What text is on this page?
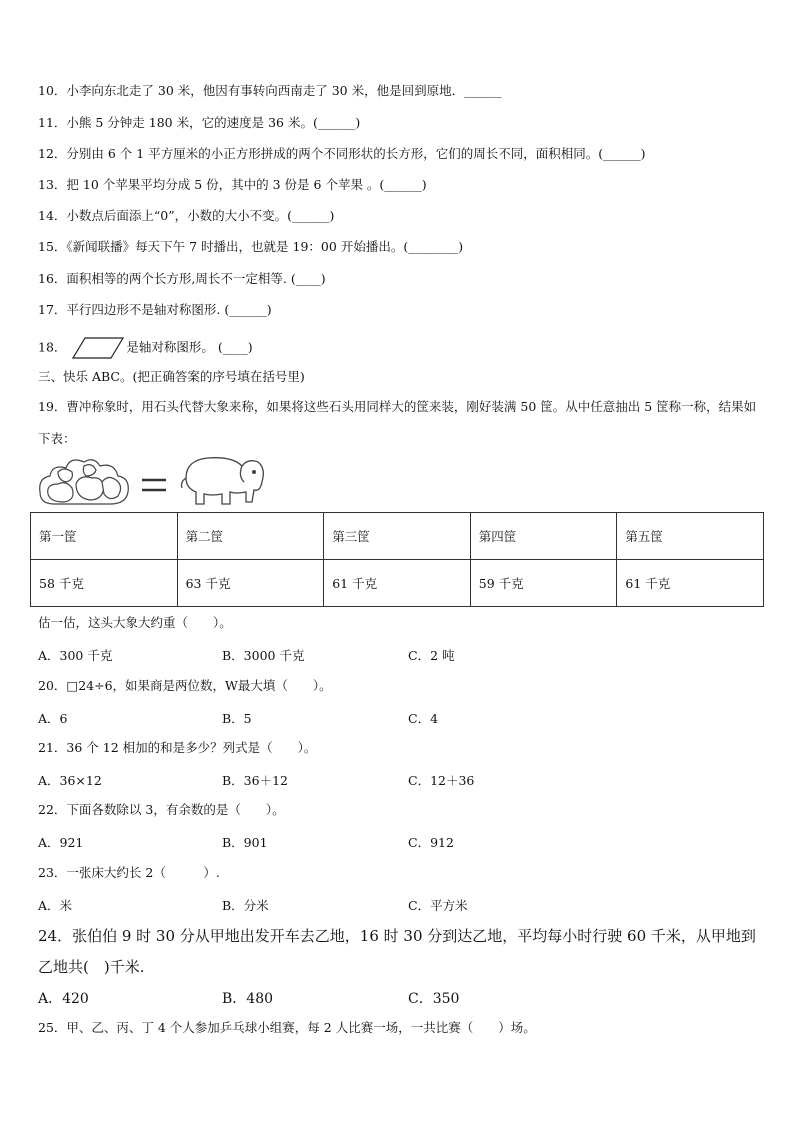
10．小李向东北走了 30 米，他因有事转向西南走了 30 米，他是回到原地．______
11．小熊 5 分钟走 180 米，它的速度是 36 米。(______)
12．分别由 6 个 1 平方厘米的小正方形拼成的两个不同形状的长方形，它们的周长不同，面积相同。(______)
13．把 10 个苹果平均分成 5 份，其中的 3 份是 6 个苹果 。(______)
14．小数点后面添上“0”，小数的大小不变。(______)
15．《新闻联播》每天下午 7 时播出，也就是 19：00 开始播出。(________)
16．面积相等的两个长方形,周长不一定相等. (____)
17．平行四边形不是轴对称图形. (______)
18．	是轴对称图形。 (____)
三、快乐 ABC。(把正确答案的序号填在括号里)
19．曹冲称象时，用石头代替大象来称，如果将这些石头用同样大的筐来装，刚好装满 50 筐。从中任意抽出 5 筐称一称，结果如下表：
第一筐	第二筐	第三筐	第四筐	第五筐
58 千克	63 千克	61 千克	59 千克	61 千克
估一估，这头大象大约重（　　）。
A．300 千克	B．3000 千克	C．2 吨
20．□24÷6，如果商是两位数，W最大填（　　）。
A．6	B．5	C．4
21．36 个 12 相加的和是多少？列式是（　　）。
A．36×12	B．36＋12	C．12＋36
22．下面各数除以 3，有余数的是（　　）。
A．921	B．901	C．912
23．一张床大约长 2（　　　）.
A．米	B．分米	C．平方米
24．张伯伯 9 时 30 分从甲地出发开车去乙地，16 时 30 分到达乙地，平均每小时行驶 60 千米，从甲地到乙地共(　)千米.
A．420	B．480	C．350
25．甲、乙、丙、丁 4 个人参加乒乓球小组赛，每 2 人比赛一场，一共比赛（　　）场。
